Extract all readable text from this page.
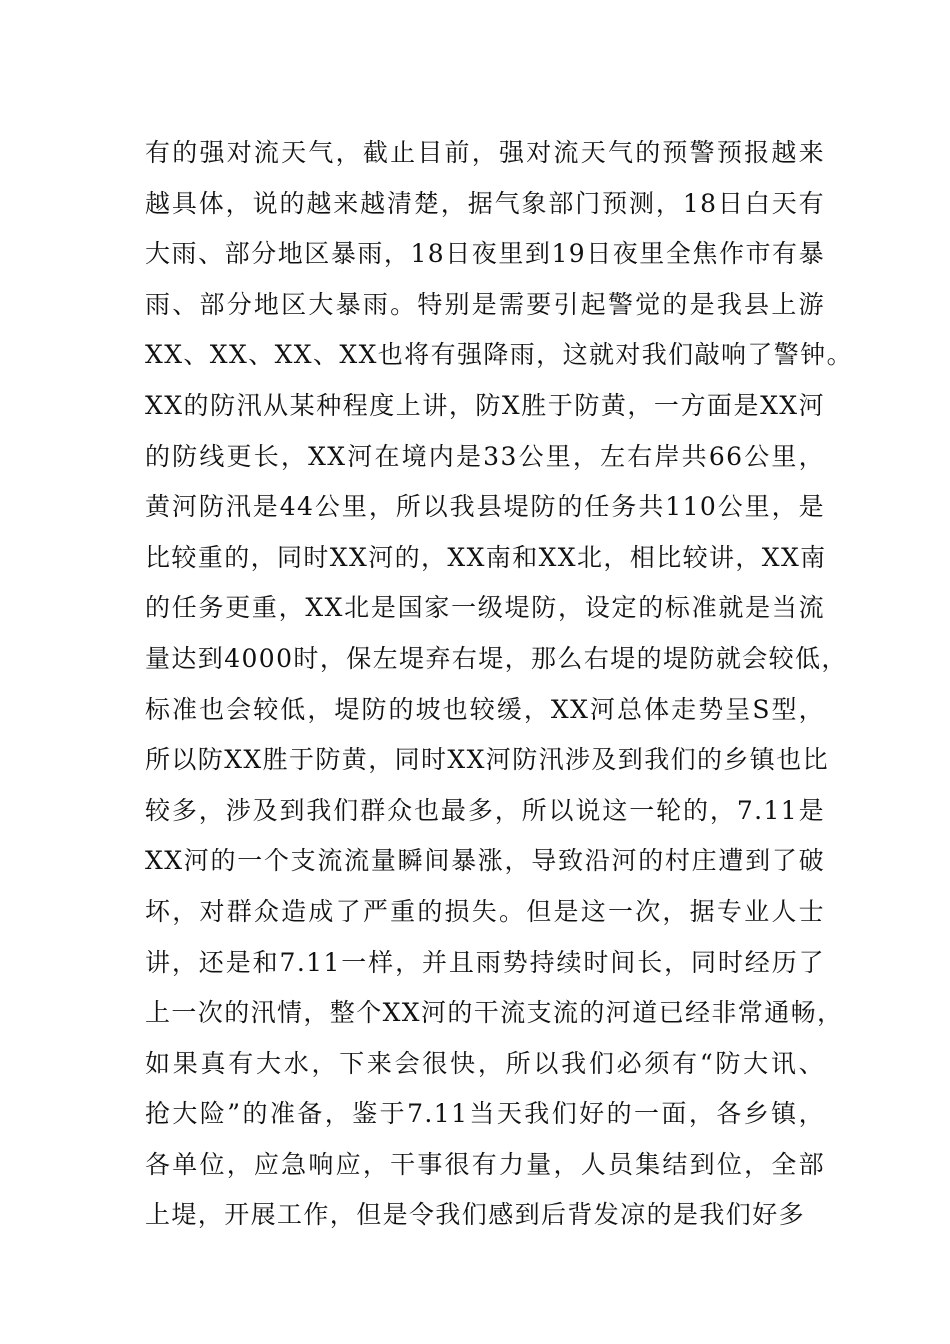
有的强对流天气，截止目前，强对流天气的预警预报越来
越具体，说的越来越清楚，据气象部门预测，18日白天有
大雨、部分地区暴雨，18日夜里到19日夜里全焦作市有暴
雨、部分地区大暴雨。特别是需要引起警觉的是我县上游
XX、XX、XX、XX也将有强降雨，这就对我们敲响了警钟。
XX的防汛从某种程度上讲，防X胜于防黄，一方面是XX河
的防线更长，XX河在境内是33公里，左右岸共66公里，
黄河防汛是44公里，所以我县堤防的任务共110公里，是
比较重的，同时XX河的，XX南和XX北，相比较讲，XX南
的任务更重，XX北是国家一级堤防，设定的标准就是当流
量达到4000时，保左堤弃右堤，那么右堤的堤防就会较低，
标准也会较低，堤防的坡也较缓，XX河总体走势呈S型，
所以防XX胜于防黄，同时XX河防汛涉及到我们的乡镇也比
较多，涉及到我们群众也最多，所以说这一轮的，7.11是
XX河的一个支流流量瞬间暴涨，导致沿河的村庄遭到了破
坏，对群众造成了严重的损失。但是这一次，据专业人士
讲，还是和7.11一样，并且雨势持续时间长，同时经历了
上一次的汛情，整个XX河的干流支流的河道已经非常通畅，
如果真有大水，下来会很快，所以我们必须有“防大讯、
抢大险”的准备，鉴于7.11当天我们好的一面，各乡镇，
各单位，应急响应，干事很有力量，人员集结到位，全部
上堤，开展工作，但是令我们感到后背发凉的是我们好多
